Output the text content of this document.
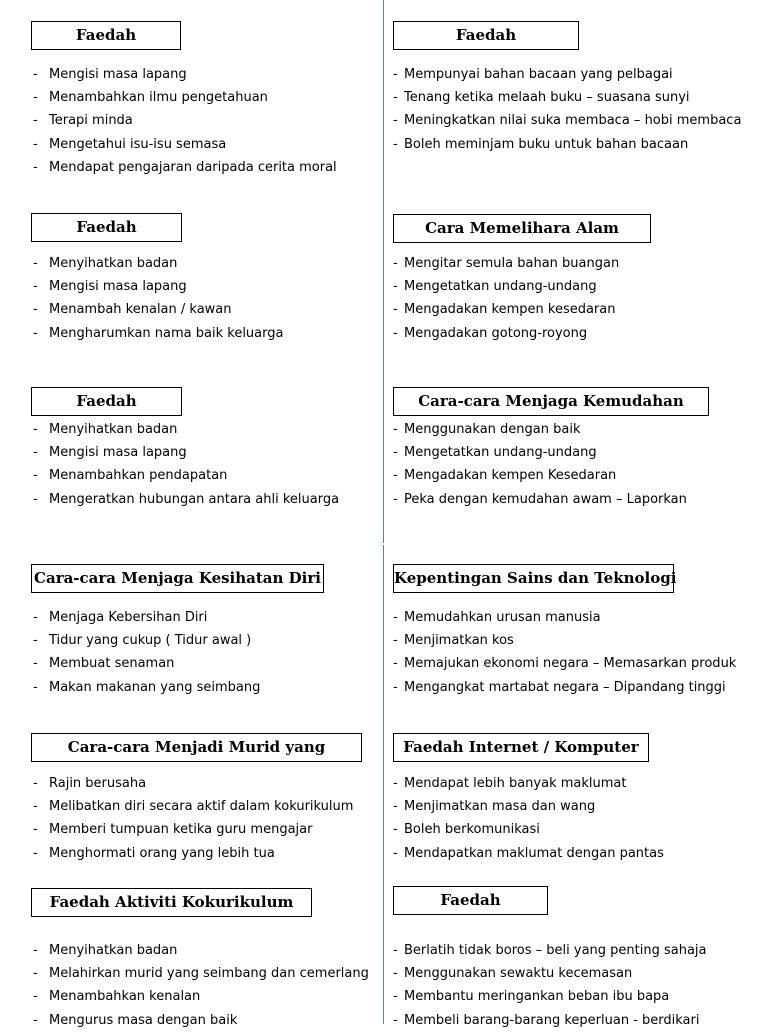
Faedah
- Mengisi masa lapang
- Menambahkan ilmu pengetahuan
- Terapi minda
- Mengetahui isu-isu semasa
- Mendapat pengajaran daripada cerita moral
Faedah
- Mempunyai bahan bacaan yang pelbagai
- Tenang ketika melaah buku – suasana sunyi
- Meningkatkan nilai suka membaca – hobi membaca
- Boleh meminjam buku untuk bahan bacaan
Faedah
- Menyihatkan badan
- Mengisi masa lapang
- Menambah kenalan / kawan
- Mengharumkan nama baik keluarga
Cara Memelihara Alam
- Mengitar semula bahan buangan
- Mengetatkan undang-undang
- Mengadakan kempen kesedaran
- Mengadakan gotong-royong
Faedah
- Menyihatkan badan
- Mengisi masa lapang
- Menambahkan pendapatan
- Mengeratkan hubungan antara ahli keluarga
Cara-cara Menjaga Kemudahan
- Menggunakan dengan baik
- Mengetatkan undang-undang
- Mengadakan kempen Kesedaran
- Peka dengan kemudahan awam – Laporkan
Cara-cara Menjaga Kesihatan Diri
- Menjaga Kebersihan Diri
- Tidur yang cukup ( Tidur awal )
- Membuat senaman
- Makan makanan yang seimbang
Kepentingan Sains dan Teknologi
- Memudahkan urusan manusia
- Menjimatkan kos
- Memajukan ekonomi negara – Memasarkan produk
- Mengangkat martabat negara – Dipandang tinggi
Cara-cara Menjadi Murid yang
- Rajin berusaha
- Melibatkan diri secara aktif dalam kokurikulum
- Memberi tumpuan ketika guru mengajar
- Menghormati orang yang lebih tua
Faedah Internet / Komputer
- Mendapat lebih banyak maklumat
- Menjimatkan masa dan wang
- Boleh berkomunikasi
- Mendapatkan maklumat dengan pantas
Faedah Aktiviti Kokurikulum
- Menyihatkan badan
- Melahirkan murid yang seimbang dan cemerlang
- Menambahkan kenalan
- Mengurus masa dengan baik
Faedah
- Berlatih tidak boros – beli yang penting sahaja
- Menggunakan sewaktu kecemasan
- Membantu meringankan beban ibu bapa
- Membeli barang-barang keperluan - berdikari
